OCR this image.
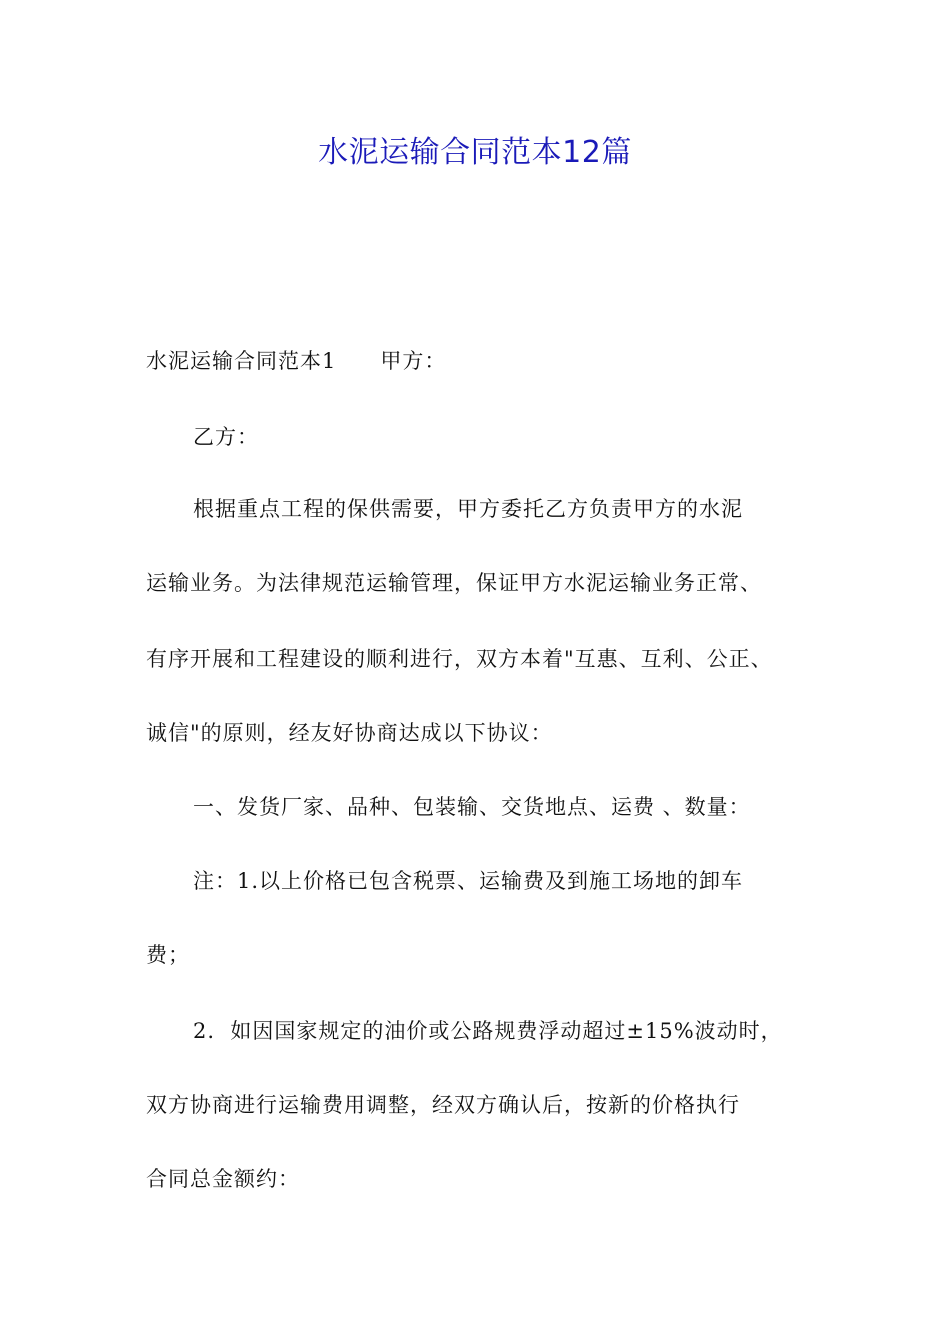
水泥运输合同范本12篇
水泥运输合同范本1　　甲方：
乙方：
根据重点工程的保供需要，甲方委托乙方负责甲方的水泥
运输业务。为法律规范运输管理，保证甲方水泥运输业务正常、
有序开展和工程建设的顺利进行，双方本着"互惠、互利、公正、
诚信"的原则，经友好协商达成以下协议：
一、发货厂家、品种、包装输、交货地点、运费 、数量：
注：1.以上价格已包含税票、运输费及到施工场地的卸车
费；
2.  如因国家规定的油价或公路规费浮动超过±15%波动时，
双方协商进行运输费用调整，经双方确认后，按新的价格执行
合同总金额约：
